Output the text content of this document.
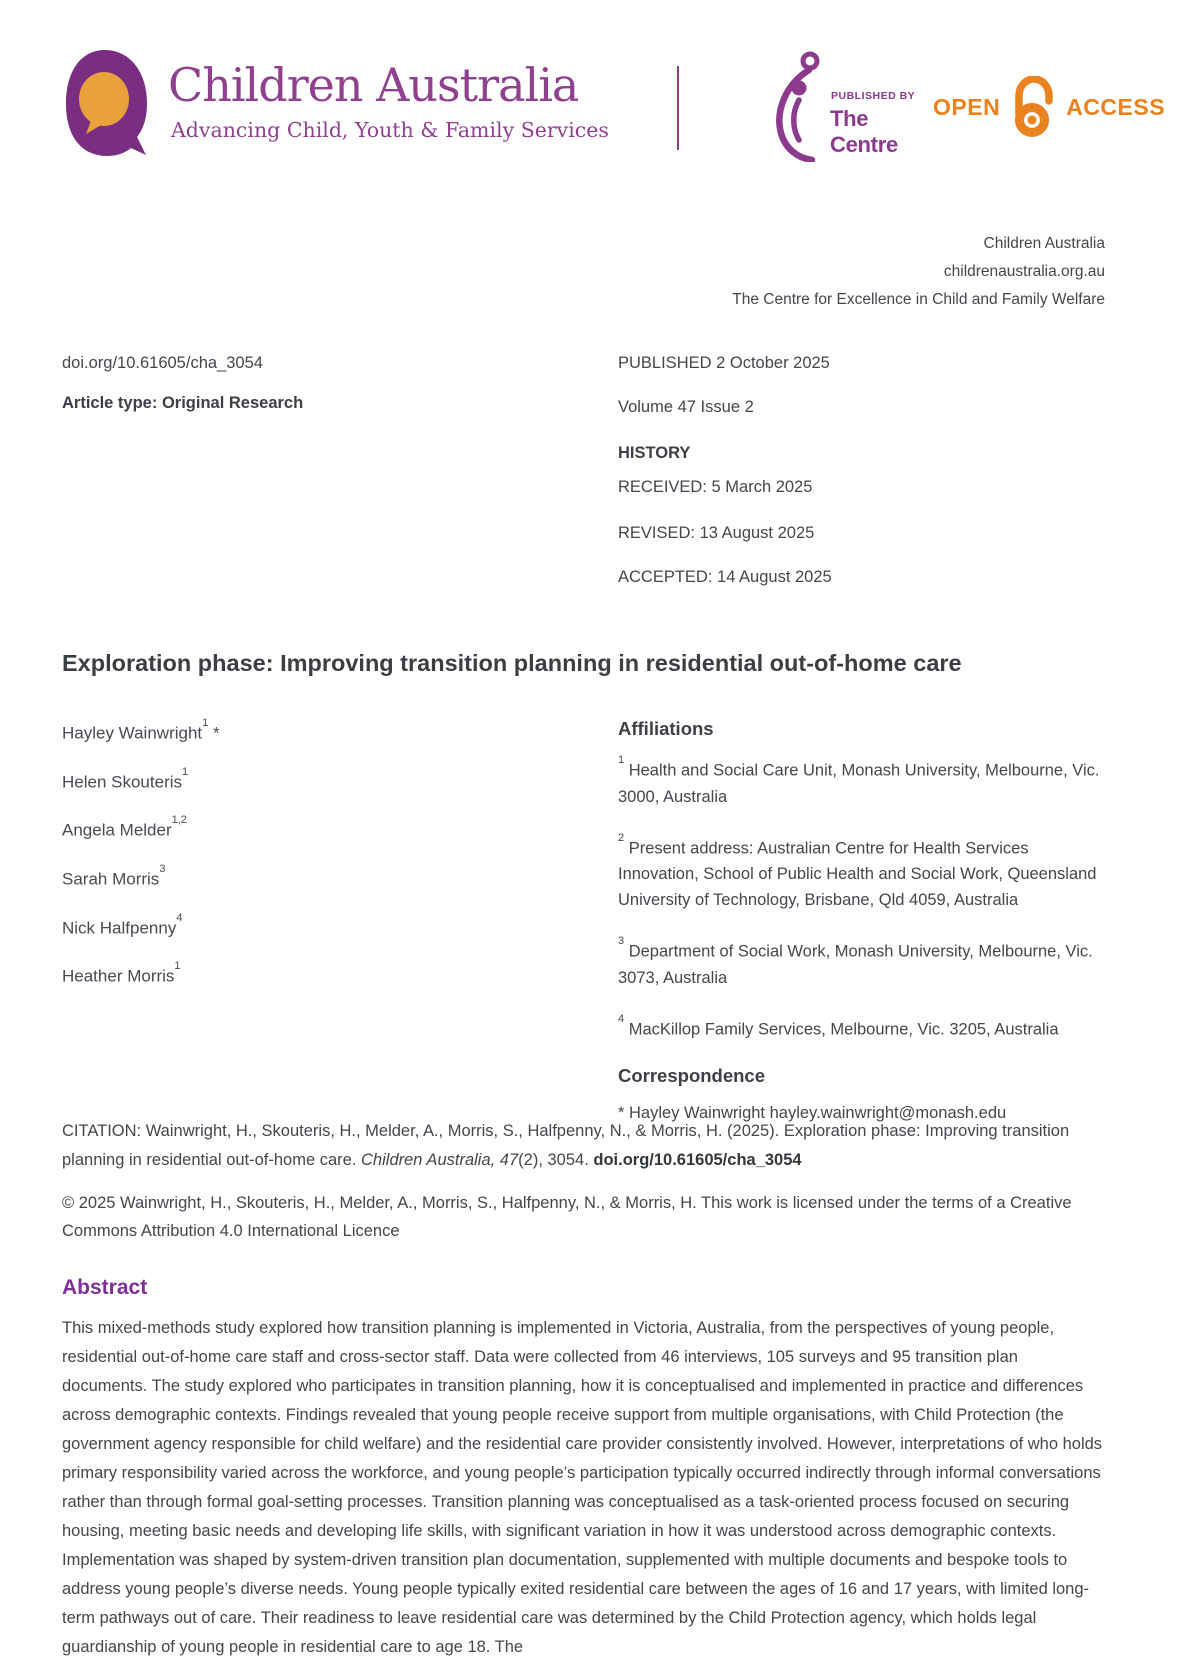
Children Australia
Advancing Child, Youth & Family Services
PUBLISHED BY
The
Centre
OPEN	ACCESS
Children Australia
childrenaustralia.org.au
The Centre for Excellence in Child and Family Welfare
doi.org/10.61605/cha_3054
Article type: Original Research
PUBLISHED 2 October 2025
Volume 47 Issue 2
HISTORY
RECEIVED: 5 March 2025
REVISED: 13 August 2025
ACCEPTED: 14 August 2025
Exploration phase: Improving transition planning in residential out-of-home care
Hayley Wainwright$^1$ *
Helen Skouteris$^1$
Angela Melder$^{1,2}$
Sarah Morris$^3$
Nick Halfpenny$^4$
Heather Morris$^1$
Affiliations
$^1$ Health and Social Care Unit, Monash University, Melbourne, Vic. 3000, Australia
$^2$ Present address: Australian Centre for Health Services Innovation, School of Public Health and Social Work, Queensland University of Technology, Brisbane, Qld 4059, Australia
$^3$ Department of Social Work, Monash University, Melbourne, Vic. 3073, Australia
$^4$ MacKillop Family Services, Melbourne, Vic. 3205, Australia
Correspondence
* Hayley Wainwright hayley.wainwright@monash.edu
CITATION: Wainwright, H., Skouteris, H., Melder, A., Morris, S., Halfpenny, N., & Morris, H. (2025). Exploration phase: Improving transition planning in residential out-of-home care. Children Australia, 47(2), 3054. doi.org/10.61605/cha_3054
© 2025 Wainwright, H., Skouteris, H., Melder, A., Morris, S., Halfpenny, N., & Morris, H. This work is licensed under the terms of a Creative Commons Attribution 4.0 International Licence
Abstract
This mixed-methods study explored how transition planning is implemented in Victoria, Australia, from the perspectives of young people, residential out-of-home care staff and cross-sector staff. Data were collected from 46 interviews, 105 surveys and 95 transition plan documents. The study explored who participates in transition planning, how it is conceptualised and implemented in practice and differences across demographic contexts. Findings revealed that young people receive support from multiple organisations, with Child Protection (the government agency responsible for child welfare) and the residential care provider consistently involved. However, interpretations of who holds primary responsibility varied across the workforce, and young people’s participation typically occurred indirectly through informal conversations rather than through formal goal-setting processes. Transition planning was conceptualised as a task-oriented process focused on securing housing, meeting basic needs and developing life skills, with significant variation in how it was understood across demographic contexts. Implementation was shaped by system-driven transition plan documentation, supplemented with multiple documents and bespoke tools to address young people’s diverse needs. Young people typically exited residential care between the ages of 16 and 17 years, with limited long-term pathways out of care. Their readiness to leave residential care was determined by the Child Protection agency, which holds legal guardianship of young people in residential care to age 18. The
